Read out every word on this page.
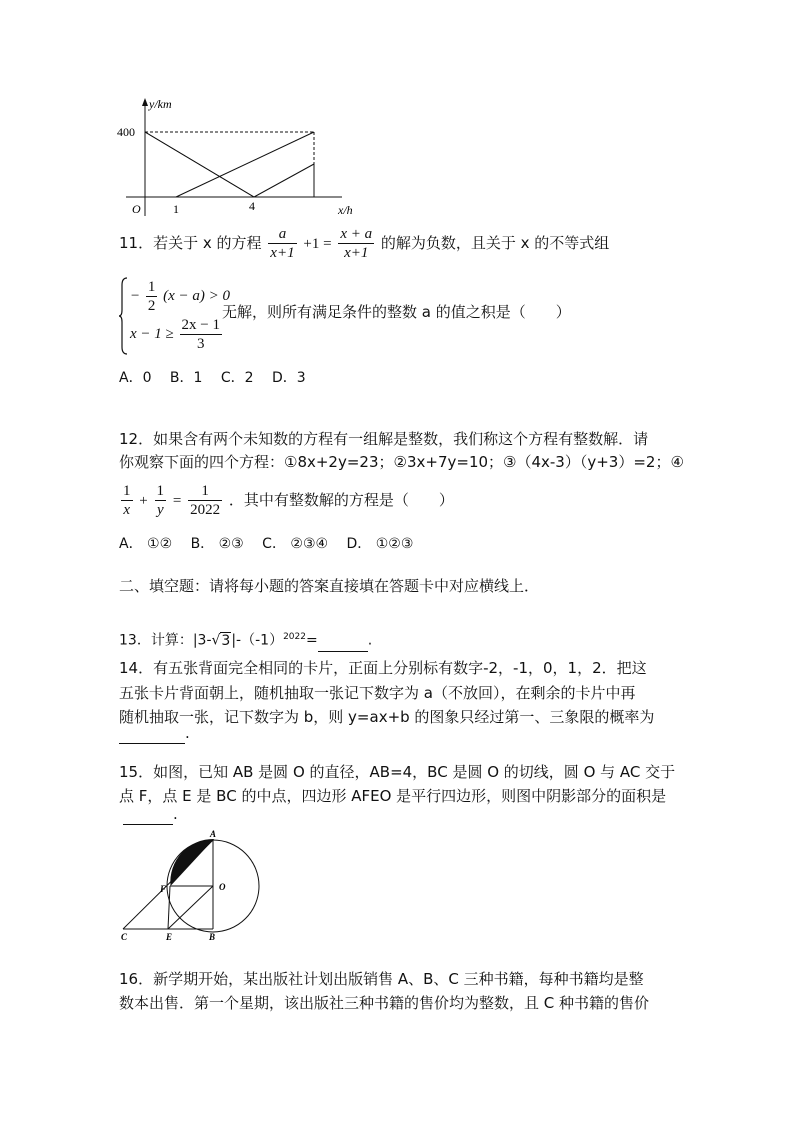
y/km
400
O	1	4	x/h
11．若关于 x 的方程 $\frac{a}{x+1} +1 = \frac{x + a}{x+1}$ 的解为负数，且关于 x 的不等式组
− $\frac{1}{2} (x - a) > 0$
$x - 1 \ge \frac{2x - 1}{3}$
无解，则所有满足条件的整数 a 的值之积是（　　）
A．0　 B．1　 C．2　 D．3
12．如果含有两个未知数的方程有一组解是整数，我们称这个方程有整数解．请
你观察下面的四个方程：①8x+2y=23；②3x+7y=10；③（4x-3）（y+3）=2；④
$\frac{1}{x} + \frac{1}{y} = \frac{1}{2022}$ ．其中有整数解的方程是（　　）
A． ①②　 B． ②③　 C． ②③④　 D． ①②③
二、填空题：请将每小题的答案直接填在答题卡中对应横线上．
13．计算：$|3-√3|-(-1)^{2022}=$	.
14．有五张背面完全相同的卡片，正面上分别标有数字-2，-1，0，1，2．把这
五张卡片背面朝上，随机抽取一张记下数字为 a（不放回），在剩余的卡片中再
随机抽取一张，记下数字为 b，则 y=ax+b 的图象只经过第一、三象限的概率为
.
15．如图，已知 AB 是圆 O 的直径，AB=4，BC 是圆 O 的切线，圆 O 与 AC 交于
点 F，点 E 是 BC 的中点，四边形 AFEO 是平行四边形，则图中阴影部分的面积是
.
A
O
F
C	E	B
16．新学期开始，某出版社计划出版销售 A、B、C 三种书籍，每种书籍均是整
数本出售．第一个星期，该出版社三种书籍的售价均为整数，且 C 种书籍的售价
